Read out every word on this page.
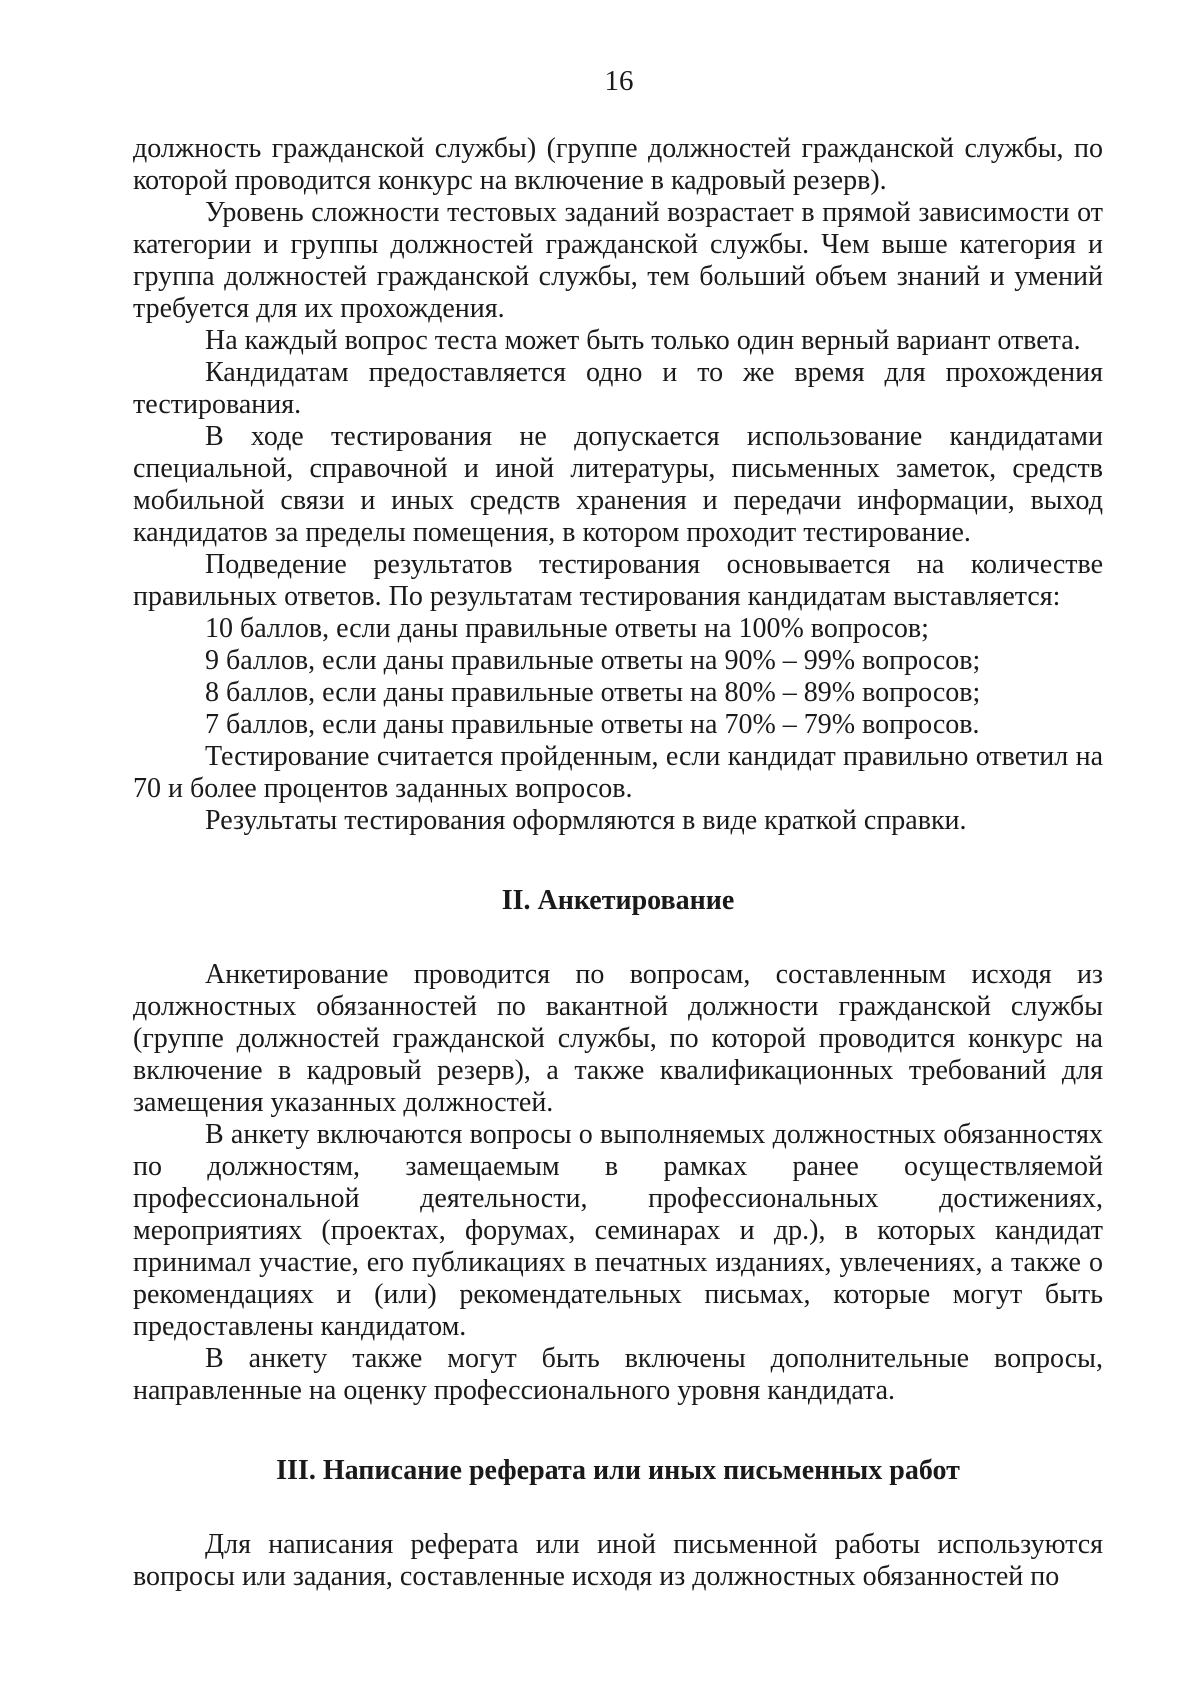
16

должность гражданской службы) (группе должностей гражданской службы, по которой проводится конкурс на включение в кадровый резерв).

Уровень сложности тестовых заданий возрастает в прямой зависимости от категории и группы должностей гражданской службы. Чем выше категория и группа должностей гражданской службы, тем больший объем знаний и умений требуется для их прохождения.

На каждый вопрос теста может быть только один верный вариант ответа.

Кандидатам предоставляется одно и то же время для прохождения тестирования.

В ходе тестирования не допускается использование кандидатами специальной, справочной и иной литературы, письменных заметок, средств мобильной связи и иных средств хранения и передачи информации, выход кандидатов за пределы помещения, в котором проходит тестирование.

Подведение результатов тестирования основывается на количестве правильных ответов. По результатам тестирования кандидатам выставляется:

10 баллов, если даны правильные ответы на 100% вопросов;

9 баллов, если даны правильные ответы на 90% – 99% вопросов;

8 баллов, если даны правильные ответы на 80% – 89% вопросов;

7 баллов, если даны правильные ответы на 70% – 79% вопросов.

Тестирование считается пройденным, если кандидат правильно ответил на 70 и более процентов заданных вопросов.

Результаты тестирования оформляются в виде краткой справки.

II. Анкетирование

Анкетирование проводится по вопросам, составленным исходя из должностных обязанностей по вакантной должности гражданской службы (группе должностей гражданской службы, по которой проводится конкурс на включение в кадровый резерв), а также квалификационных требований для замещения указанных должностей.

В анкету включаются вопросы о выполняемых должностных обязанностях по должностям, замещаемым в рамках ранее осуществляемой профессиональной деятельности, профессиональных достижениях, мероприятиях (проектах, форумах, семинарах и др.), в которых кандидат принимал участие, его публикациях в печатных изданиях, увлечениях, а также о рекомендациях и (или) рекомендательных письмах, которые могут быть предоставлены кандидатом.

В анкету также могут быть включены дополнительные вопросы, направленные на оценку профессионального уровня кандидата.

III. Написание реферата или иных письменных работ

Для написания реферата или иной письменной работы используются вопросы или задания, составленные исходя из должностных обязанностей по
